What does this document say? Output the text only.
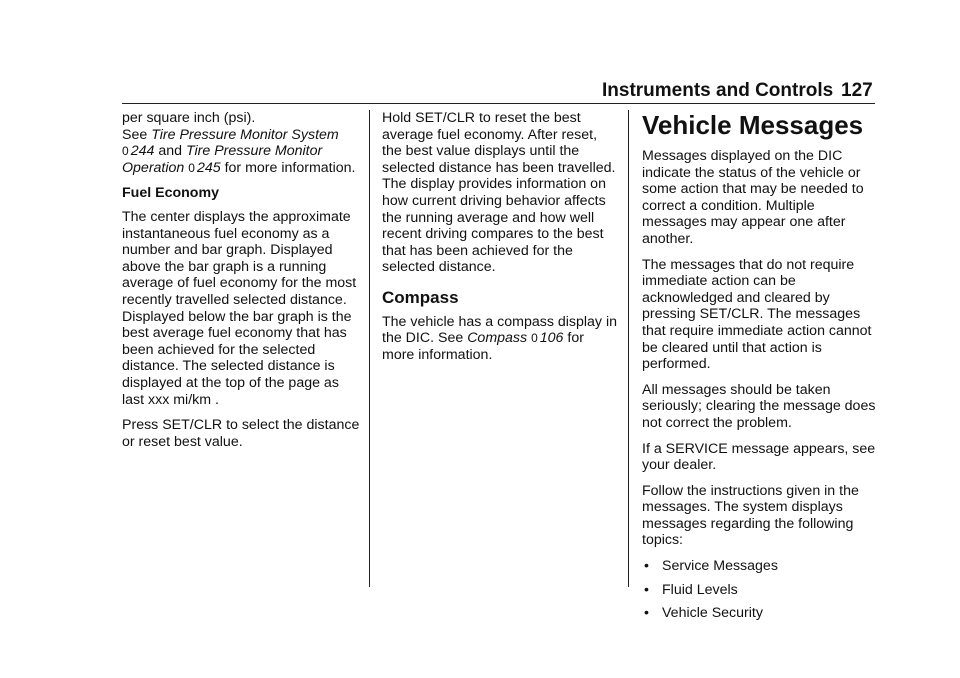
Instruments and Controls 127

per square inch (psi).
See Tire Pressure Monitor System
0 244 and Tire Pressure Monitor
Operation 0 245 for more information.

Fuel Economy

The center displays the approximate instantaneous fuel economy as a number and bar graph. Displayed above the bar graph is a running average of fuel economy for the most recently travelled selected distance. Displayed below the bar graph is the best average fuel economy that has been achieved for the selected distance. The selected distance is displayed at the top of the page as last xxx mi/km .

Press SET/CLR to select the distance or reset best value.

Hold SET/CLR to reset the best average fuel economy. After reset, the best value displays until the selected distance has been travelled. The display provides information on how current driving behavior affects the running average and how well recent driving compares to the best that has been achieved for the selected distance.

Compass

The vehicle has a compass display in the DIC. See Compass 0 106 for more information.

Vehicle Messages

Messages displayed on the DIC indicate the status of the vehicle or some action that may be needed to correct a condition. Multiple messages may appear one after another.

The messages that do not require immediate action can be acknowledged and cleared by pressing SET/CLR. The messages that require immediate action cannot be cleared until that action is performed.

All messages should be taken seriously; clearing the message does not correct the problem.

If a SERVICE message appears, see your dealer.

Follow the instructions given in the messages. The system displays messages regarding the following topics:

• Service Messages
• Fluid Levels
• Vehicle Security
